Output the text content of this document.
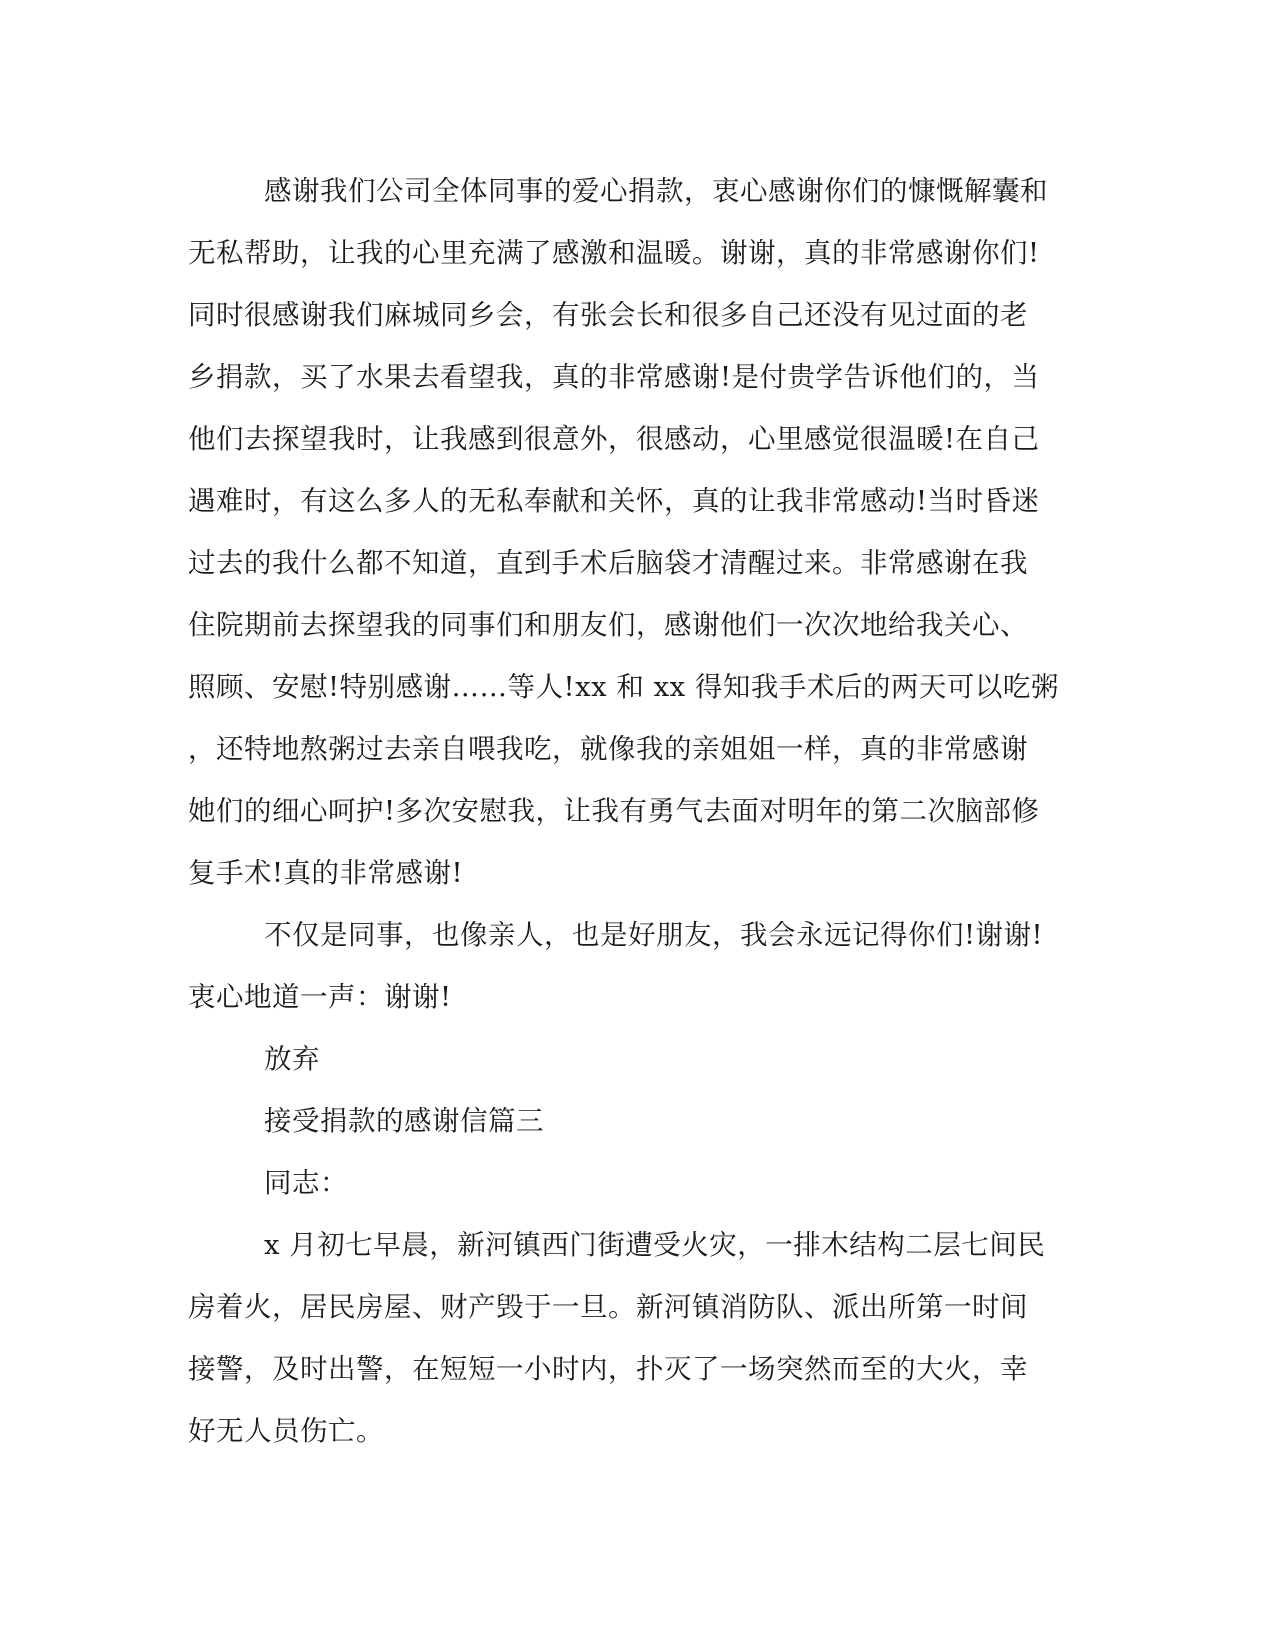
感谢我们公司全体同事的爱心捐款，衷心感谢你们的慷慨解囊和
无私帮助，让我的心里充满了感激和温暖。谢谢，真的非常感谢你们!
同时很感谢我们麻城同乡会，有张会长和很多自己还没有见过面的老
乡捐款，买了水果去看望我，真的非常感谢!是付贵学告诉他们的，当
他们去探望我时，让我感到很意外，很感动，心里感觉很温暖!在自己
遇难时，有这么多人的无私奉献和关怀，真的让我非常感动!当时昏迷
过去的我什么都不知道，直到手术后脑袋才清醒过来。非常感谢在我
住院期前去探望我的同事们和朋友们，感谢他们一次次地给我关心、
照顾、安慰!特别感谢……等人!xx 和 xx 得知我手术后的两天可以吃粥
，还特地熬粥过去亲自喂我吃，就像我的亲姐姐一样，真的非常感谢
她们的细心呵护!多次安慰我，让我有勇气去面对明年的第二次脑部修
复手术!真的非常感谢!
不仅是同事，也像亲人，也是好朋友，我会永远记得你们!谢谢!
衷心地道一声：谢谢!
放弃
接受捐款的感谢信篇三
同志：
x 月初七早晨，新河镇西门街遭受火灾，一排木结构二层七间民
房着火，居民房屋、财产毁于一旦。新河镇消防队、派出所第一时间
接警，及时出警，在短短一小时内，扑灭了一场突然而至的大火，幸
好无人员伤亡。
